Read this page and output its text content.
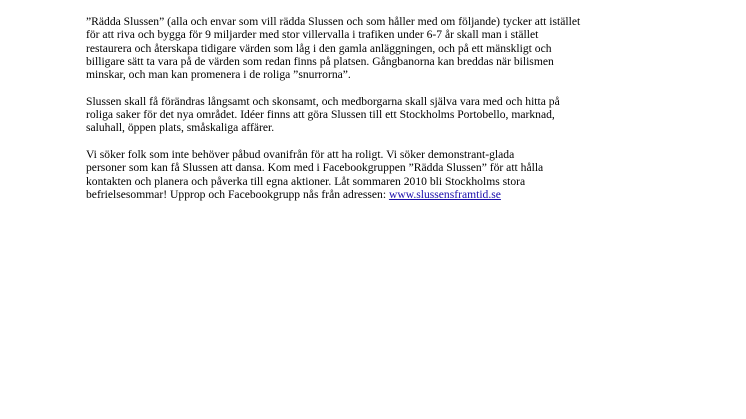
”Rädda Slussen” (alla och envar som vill rädda Slussen och som håller med om följande) tycker att istället
för att riva och bygga för 9 miljarder med stor villervalla i trafiken under 6-7 år skall man i stället
restaurera och återskapa tidigare värden som låg i den gamla anläggningen, och på ett mänskligt och
billigare sätt ta vara på de värden som redan finns på platsen. Gångbanorna kan breddas när bilismen
minskar, och man kan promenera i de roliga ”snurrorna”.

Slussen skall få förändras långsamt och skonsamt, och medborgarna skall själva vara med och hitta på
roliga saker för det nya området. Idéer finns att göra Slussen till ett Stockholms Portobello, marknad,
saluhall, öppen plats, småskaliga affärer.

Vi söker folk som inte behöver påbud ovanifrån för att ha roligt. Vi söker demonstrant-glada
personer som kan få Slussen att dansa. Kom med i Facebookgruppen ”Rädda Slussen” för att hålla
kontakten och planera och påverka till egna aktioner. Låt sommaren 2010 bli Stockholms stora
befrielsesommar! Upprop och Facebookgrupp nås från adressen: www.slussensframtid.se
